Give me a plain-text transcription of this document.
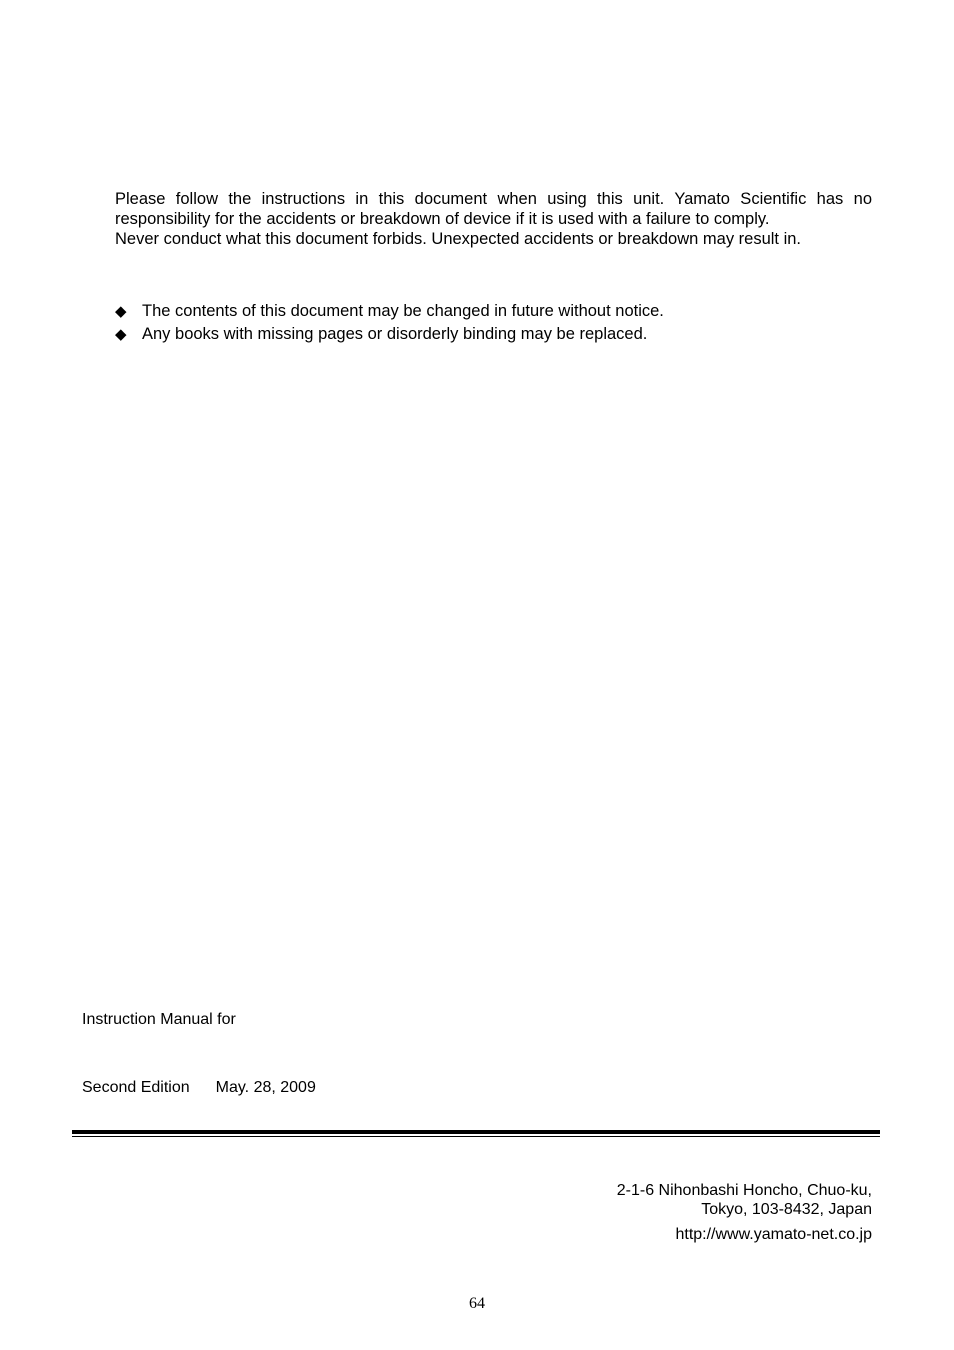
Please follow the instructions in this document when using this unit. Yamato Scientific has no

responsibility for the accidents or breakdown of device if it is used with a failure to comply.

Never conduct what this document forbids. Unexpected accidents or breakdown may result in.

◆ The contents of this document may be changed in future without notice.
◆ Any books with missing pages or disorderly binding may be replaced.
Instruction Manual for
Second Edition May. 28, 2009

2-1-6 Nihonbashi Honcho, Chuo-ku,

Tokyo, 103-8432, Japan

http://www.yamato-net.co.jp

64
